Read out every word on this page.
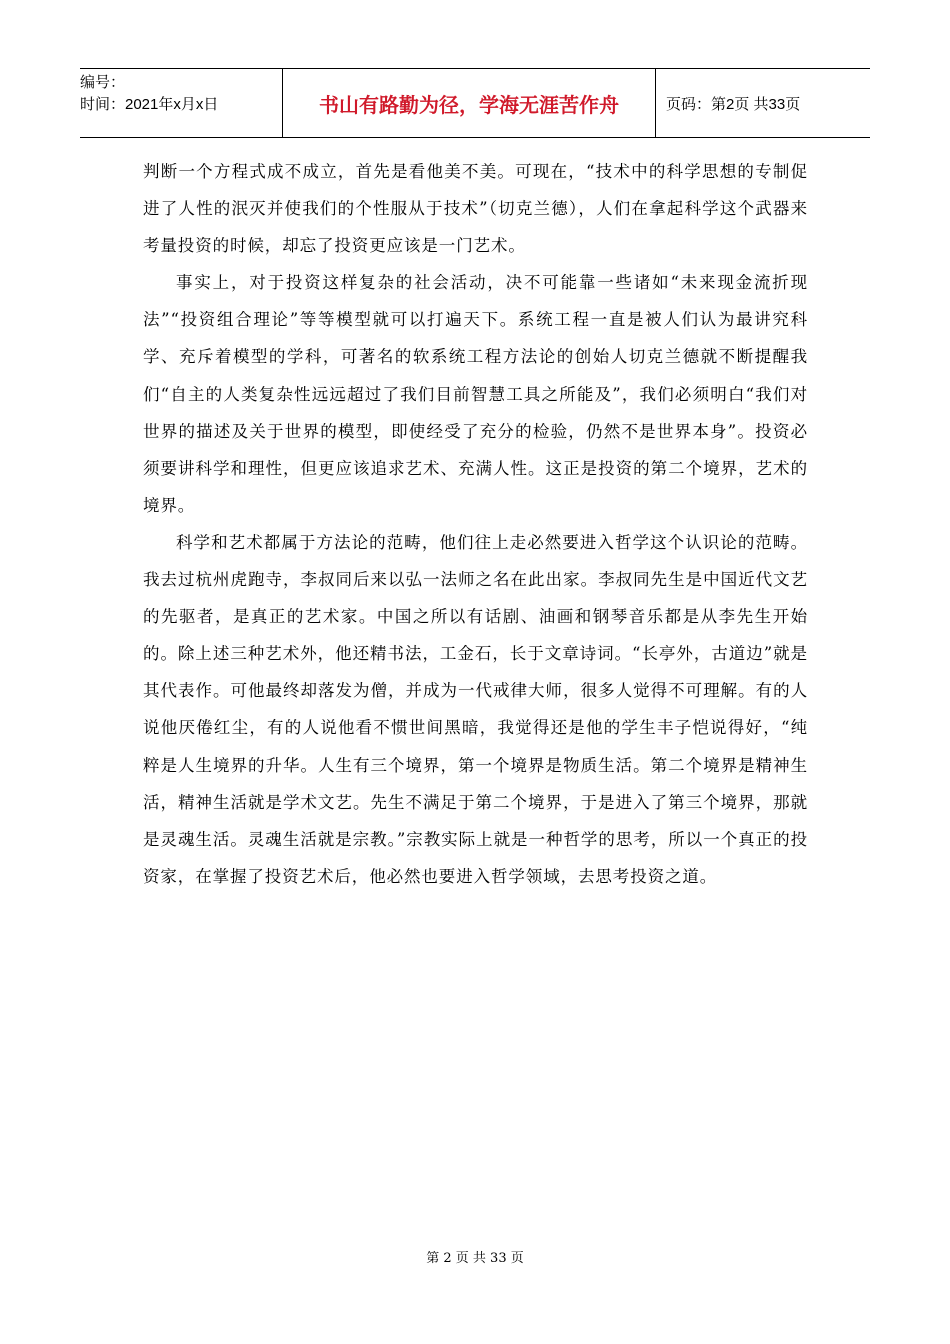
编号：
时间：2021年x月x日	书山有路勤为径，学海无涯苦作舟	页码：第2页 共33页

判断一个方程式成不成立，首先是看他美不美。可现在，“技术中的科学思想的专制促进了人性的泯灭并使我们的个性服从于技术”（切克兰德），人们在拿起科学这个武器来考量投资的时候，却忘了投资更应该是一门艺术。

事实上，对于投资这样复杂的社会活动，决不可能靠一些诸如“未来现金流折现法”“投资组合理论”等等模型就可以打遍天下。系统工程一直是被人们认为最讲究科学、充斥着模型的学科，可著名的软系统工程方法论的创始人切克兰德就不断提醒我们“自主的人类复杂性远远超过了我们目前智慧工具之所能及”，我们必须明白“我们对世界的描述及关于世界的模型，即使经受了充分的检验，仍然不是世界本身”。投资必须要讲科学和理性，但更应该追求艺术、充满人性。这正是投资的第二个境界，艺术的境界。

科学和艺术都属于方法论的范畴，他们往上走必然要进入哲学这个认识论的范畴。我去过杭州虎跑寺，李叔同后来以弘一法师之名在此出家。李叔同先生是中国近代文艺的先驱者，是真正的艺术家。中国之所以有话剧、油画和钢琴音乐都是从李先生开始的。除上述三种艺术外，他还精书法，工金石，长于文章诗词。“长亭外，古道边”就是其代表作。可他最终却落发为僧，并成为一代戒律大师，很多人觉得不可理解。有的人说他厌倦红尘，有的人说他看不惯世间黑暗，我觉得还是他的学生丰子恺说得好，“纯粹是人生境界的升华。人生有三个境界，第一个境界是物质生活。第二个境界是精神生活，精神生活就是学术文艺。先生不满足于第二个境界，于是进入了第三个境界，那就是灵魂生活。灵魂生活就是宗教。”宗教实际上就是一种哲学的思考，所以一个真正的投资家，在掌握了投资艺术后，他必然也要进入哲学领域，去思考投资之道。

第 2 页 共 33 页
